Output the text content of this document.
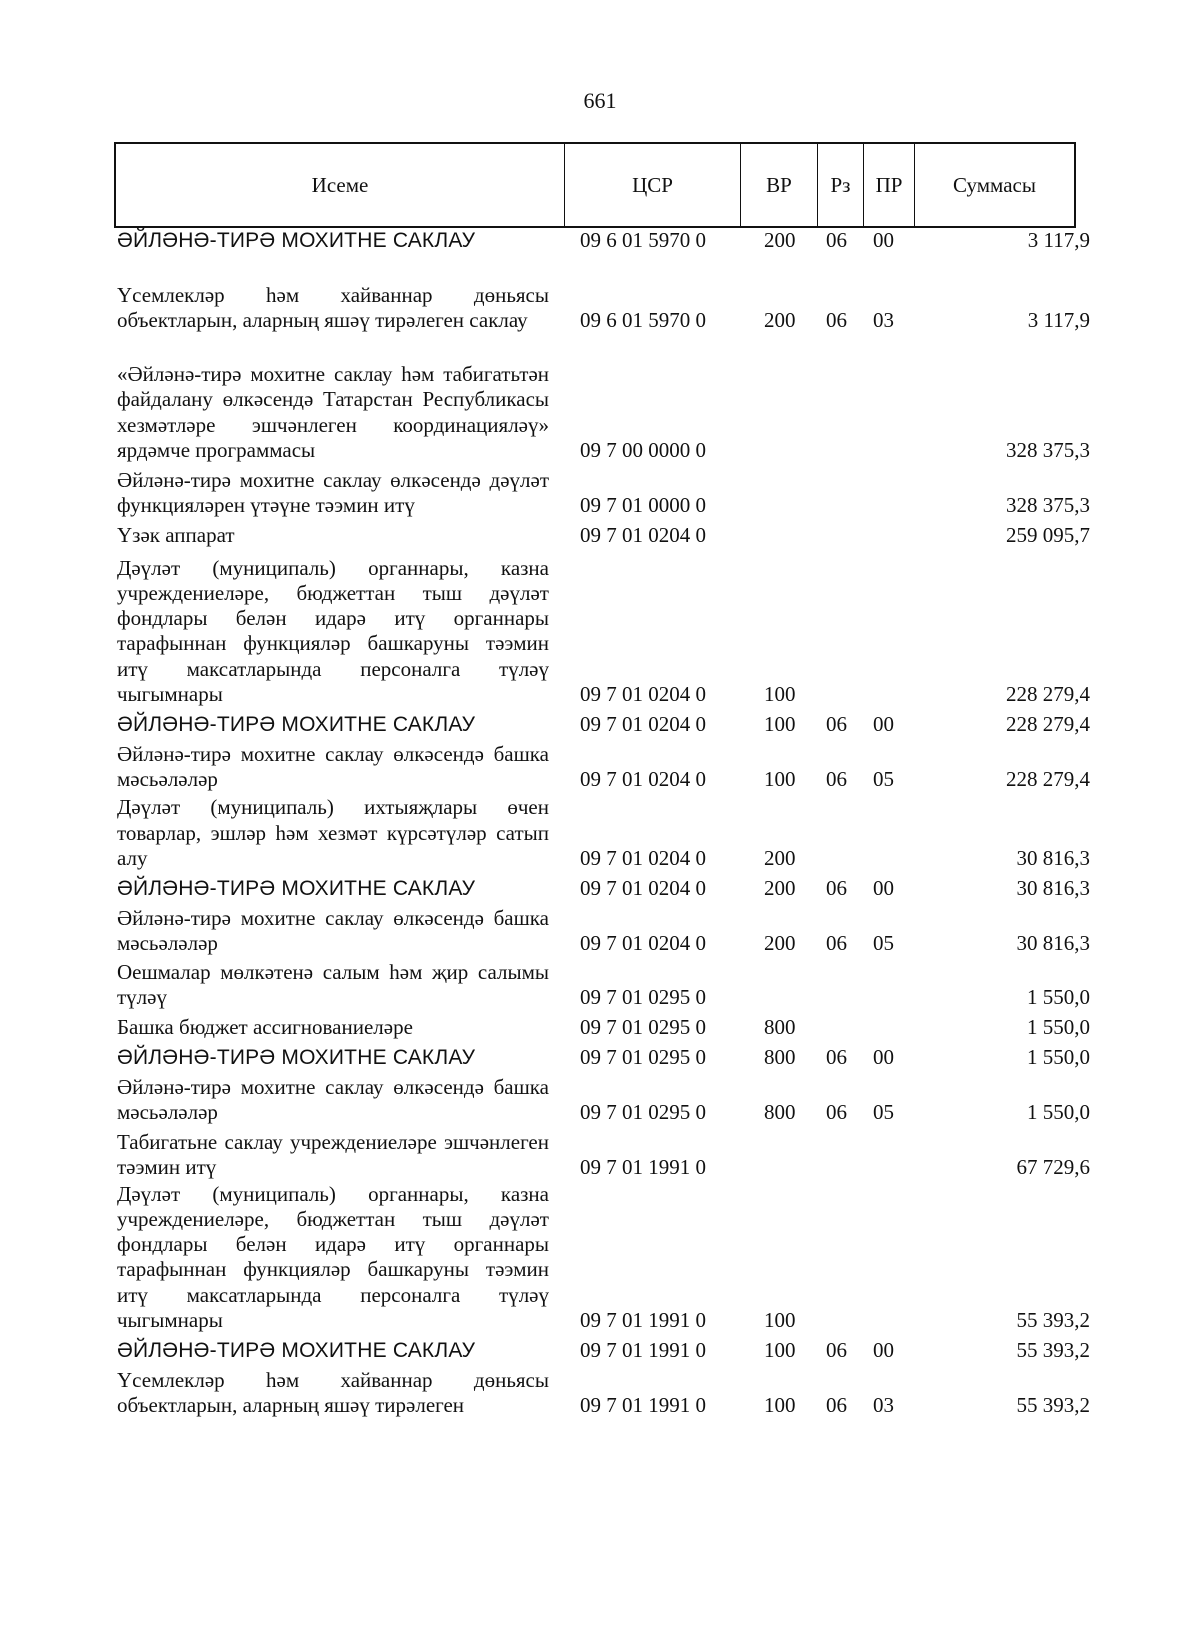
661
Исеме	ЦСР	ВР	Рз	ПР	Суммасы
ӘЙЛӘНӘ-ТИРӘ МОХИТНЕ САКЛАУ	09 6 01 5970 0	200 06 00	3 117,9
Үсемлекләр һәм хайваннар дөньясы объектларын, аларның яшәү тирәлеген саклау	09 6 01 5970 0	200 06 03	3 117,9
«Әйләнә-тирә мохитне саклау һәм табигатьтән файдалану өлкәсендә Татарстан Республикасы хезмәтләре эшчәнлеген координацияләү» ярдәмче программасы	09 7 00 0000 0	328 375,3
Әйләнә-тирә мохитне саклау өлкәсендә дәүләт функцияләрен үтәүне тәэмин итү	09 7 01 0000 0	328 375,3
Үзәк аппарат	09 7 01 0204 0	259 095,7
Дәүләт (муниципаль) органнары, казна учреждениеләре, бюджеттан тыш дәүләт фондлары белән идарә итү органнары тарафыннан функцияләр башкаруны тәэмин итү максатларында персоналга түләү чыгымнары	09 7 01 0204 0	100	228 279,4
ӘЙЛӘНӘ-ТИРӘ МОХИТНЕ САКЛАУ	09 7 01 0204 0	100 06 00	228 279,4
Әйләнә-тирә мохитне саклау өлкәсендә башка мәсьәләләр	09 7 01 0204 0	100 06 05	228 279,4
Дәүләт (муниципаль) ихтыяҗлары өчен товарлар, эшләр һәм хезмәт күрсәтүләр сатып алу	09 7 01 0204 0	200	30 816,3
ӘЙЛӘНӘ-ТИРӘ МОХИТНЕ САКЛАУ	09 7 01 0204 0	200 06 00	30 816,3
Әйләнә-тирә мохитне саклау өлкәсендә башка мәсьәләләр	09 7 01 0204 0	200 06 05	30 816,3
Оешмалар мөлкәтенә салым һәм җир салымы түләү	09 7 01 0295 0	1 550,0
Башка бюджет ассигнованиеләре	09 7 01 0295 0	800	1 550,0
ӘЙЛӘНӘ-ТИРӘ МОХИТНЕ САКЛАУ	09 7 01 0295 0	800 06 00	1 550,0
Әйләнә-тирә мохитне саклау өлкәсендә башка мәсьәләләр	09 7 01 0295 0	800 06 05	1 550,0
Табигатьне саклау учреждениеләре эшчәнлеген тәэмин итү	09 7 01 1991 0	67 729,6
Дәүләт (муниципаль) органнары, казна учреждениеләре, бюджеттан тыш дәүләт фондлары белән идарә итү органнары тарафыннан функцияләр башкаруны тәэмин итү максатларында персоналга түләү чыгымнары	09 7 01 1991 0	100	55 393,2
ӘЙЛӘНӘ-ТИРӘ МОХИТНЕ САКЛАУ	09 7 01 1991 0	100 06 00	55 393,2
Үсемлекләр һәм хайваннар дөньясы объектларын, аларның яшәү тирәлеген	09 7 01 1991 0	100 06 03	55 393,2
